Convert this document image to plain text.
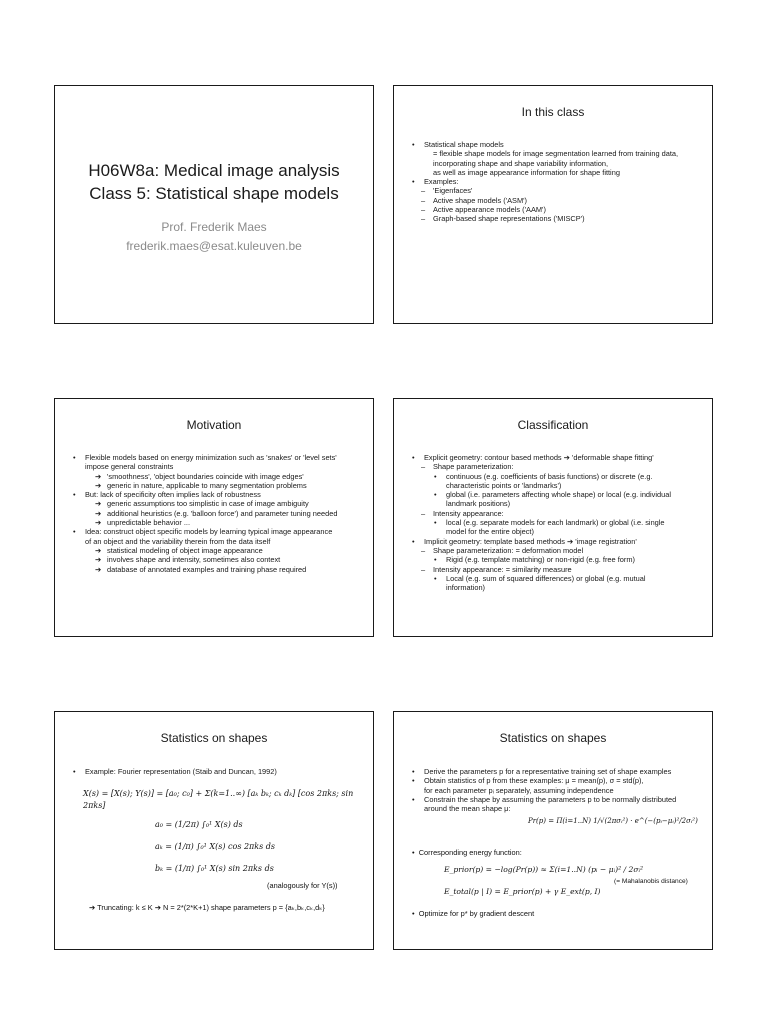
H06W8a: Medical image analysis
Class 5: Statistical shape models
Prof. Frederik Maes
frederik.maes@esat.kuleuven.be
In this class
•	Statistical shape models
= flexible shape models for image segmentation learned from training data,
incorporating shape and shape variability information,
as well as image appearance information for shape fitting
•	Examples:
–	'Eigenfaces'
–	Active shape models ('ASM')
–	Active appearance models ('AAM')
–	Graph-based shape representations ('MISCP')
Motivation
•	Flexible models based on energy minimization such as 'snakes' or 'level sets'
impose general constraints
➔ 'smoothness', 'object boundaries coincide with image edges'
➔ generic in nature, applicable to many segmentation problems
•	But: lack of specificity often implies lack of robustness
➔ generic assumptions too simplistic in case of image ambiguity
➔ additional heuristics (e.g. 'balloon force') and parameter tuning needed
➔ unpredictable behavior ...
•	Idea: construct object specific models by learning typical image appearance
of an object and the variability therein from the data itself
➔ statistical modeling of object image appearance
➔ involves shape and intensity, sometimes also context
➔ database of annotated examples and training phase required
Classification
•	Explicit geometry: contour based methods ➔ 'deformable shape fitting'
–	Shape parameterization:
•	continuous (e.g. coefficients of basis functions) or discrete (e.g.
characteristic points or 'landmarks')
•	global (i.e. parameters affecting whole shape) or local (e.g. individual
landmark positions)
–	Intensity appearance:
•	local (e.g. separate models for each landmark) or global (i.e. single
model for the entire object)
•	Implicit geometry: template based methods ➔ 'image registration'
–	Shape parameterization: = deformation model
•	Rigid (e.g. template matching) or non-rigid (e.g. free form)
–	Intensity appearance: = similarity measure
•	Local (e.g. sum of squared differences) or global (e.g. mutual
information)
Statistics on shapes
•	Example: Fourier representation (Staib and Duncan, 1992)
X(s) = [X(s); Y(s)] = [a₀; c₀] + Σ(k=1..∞) [aₖ bₖ; cₖ dₖ] [cos 2πks; sin 2πks]
a₀ = (1/2π) ∫₀¹ X(s) ds
aₖ = (1/π) ∫₀¹ X(s) cos 2πks ds
bₖ = (1/π) ∫₀¹ X(s) sin 2πks ds
(analogously for Y(s))
➔ Truncating: k ≤ K ➔ N = 2*(2*K+1) shape parameters p = {aₖ,bₖ,cₖ,dₖ}
Statistics on shapes
•	Derive the parameters p for a representative training set of shape examples
•	Obtain statistics of p from these examples: μ = mean(p), σ = std(p),
for each parameter pᵢ separately, assuming independence
•	Constrain the shape by assuming the parameters p to be normally distributed
around the mean shape μ:
Pr(p) = Π(i=1..N) 1/√(2πσᵢ²) · e^(−(pᵢ−μᵢ)²/2σᵢ²)
•  Corresponding energy function:
E_prior(p) = −log(Pr(p)) ≈ Σ(i=1..N) (pᵢ − μᵢ)² / 2σᵢ²
(= Mahalanobis distance)
E_total(p | I) = E_prior(p) + γ E_ext(p, I)
•  Optimize for p* by gradient descent
